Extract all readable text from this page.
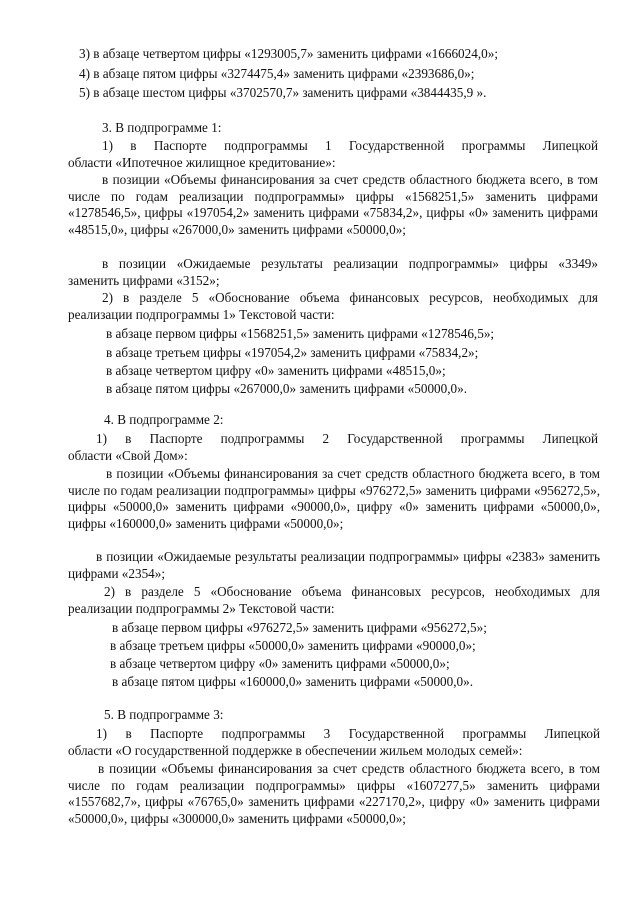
3) в абзаце четвертом цифры «1293005,7» заменить цифрами «1666024,0»;
4) в абзаце пятом цифры «3274475,4» заменить цифрами «2393686,0»;
5) в абзаце шестом цифры «3702570,7» заменить цифрами «3844435,9 ».
3. В подпрограмме 1:
1) в Паспорте подпрограммы 1 Государственной программы Липецкой
области «Ипотечное жилищное кредитование»:

в позиции «Объемы финансирования за счет средств областного бюджета всего, в том числе по годам реализации подпрограммы» цифры «1568251,5» заменить цифрами «1278546,5», цифры «197054,2» заменить цифрами «75834,2», цифры «0» заменить цифрами «48515,0», цифры «267000,0» заменить цифрами «50000,0»;

в позиции «Ожидаемые результаты реализации подпрограммы» цифры «3349» заменить цифрами «3152»;

2) в разделе 5 «Обоснование объема финансовых ресурсов, необходимых для реализации подпрограммы 1» Текстовой части:

в абзаце первом цифры «1568251,5» заменить цифрами «1278546,5»;
в абзаце третьем цифры «197054,2» заменить цифрами «75834,2»;
в абзаце четвертом цифру «0» заменить цифрами «48515,0»;
в абзаце пятом цифры «267000,0» заменить цифрами «50000,0».
4. В подпрограмме 2:
1) в Паспорте подпрограммы 2 Государственной программы Липецкой
области «Свой Дом»:

в позиции «Объемы финансирования за счет средств областного бюджета всего, в том числе по годам реализации подпрограммы» цифры «976272,5» заменить цифрами «956272,5», цифры «50000,0» заменить цифрами «90000,0», цифру «0» заменить цифрами «50000,0», цифры «160000,0» заменить цифрами «50000,0»;

в позиции «Ожидаемые результаты реализации подпрограммы» цифры «2383» заменить цифрами «2354»;

2) в разделе 5 «Обоснование объема финансовых ресурсов, необходимых для реализации подпрограммы 2» Текстовой части:

в абзаце первом цифры «976272,5» заменить цифрами «956272,5»;
в абзаце третьем цифры «50000,0» заменить цифрами «90000,0»;
в абзаце четвертом цифру «0» заменить цифрами «50000,0»;
в абзаце пятом цифры «160000,0» заменить цифрами «50000,0».
5. В подпрограмме 3:
1) в Паспорте подпрограммы 3 Государственной программы Липецкой
области «О государственной поддержке в обеспечении жильем молодых семей»:

в позиции «Объемы финансирования за счет средств областного бюджета всего, в том числе по годам реализации подпрограммы» цифры «1607277,5» заменить цифрами «1557682,7», цифры «76765,0» заменить цифрами «227170,2», цифру «0» заменить цифрами «50000,0», цифры «300000,0» заменить цифрами «50000,0»;
